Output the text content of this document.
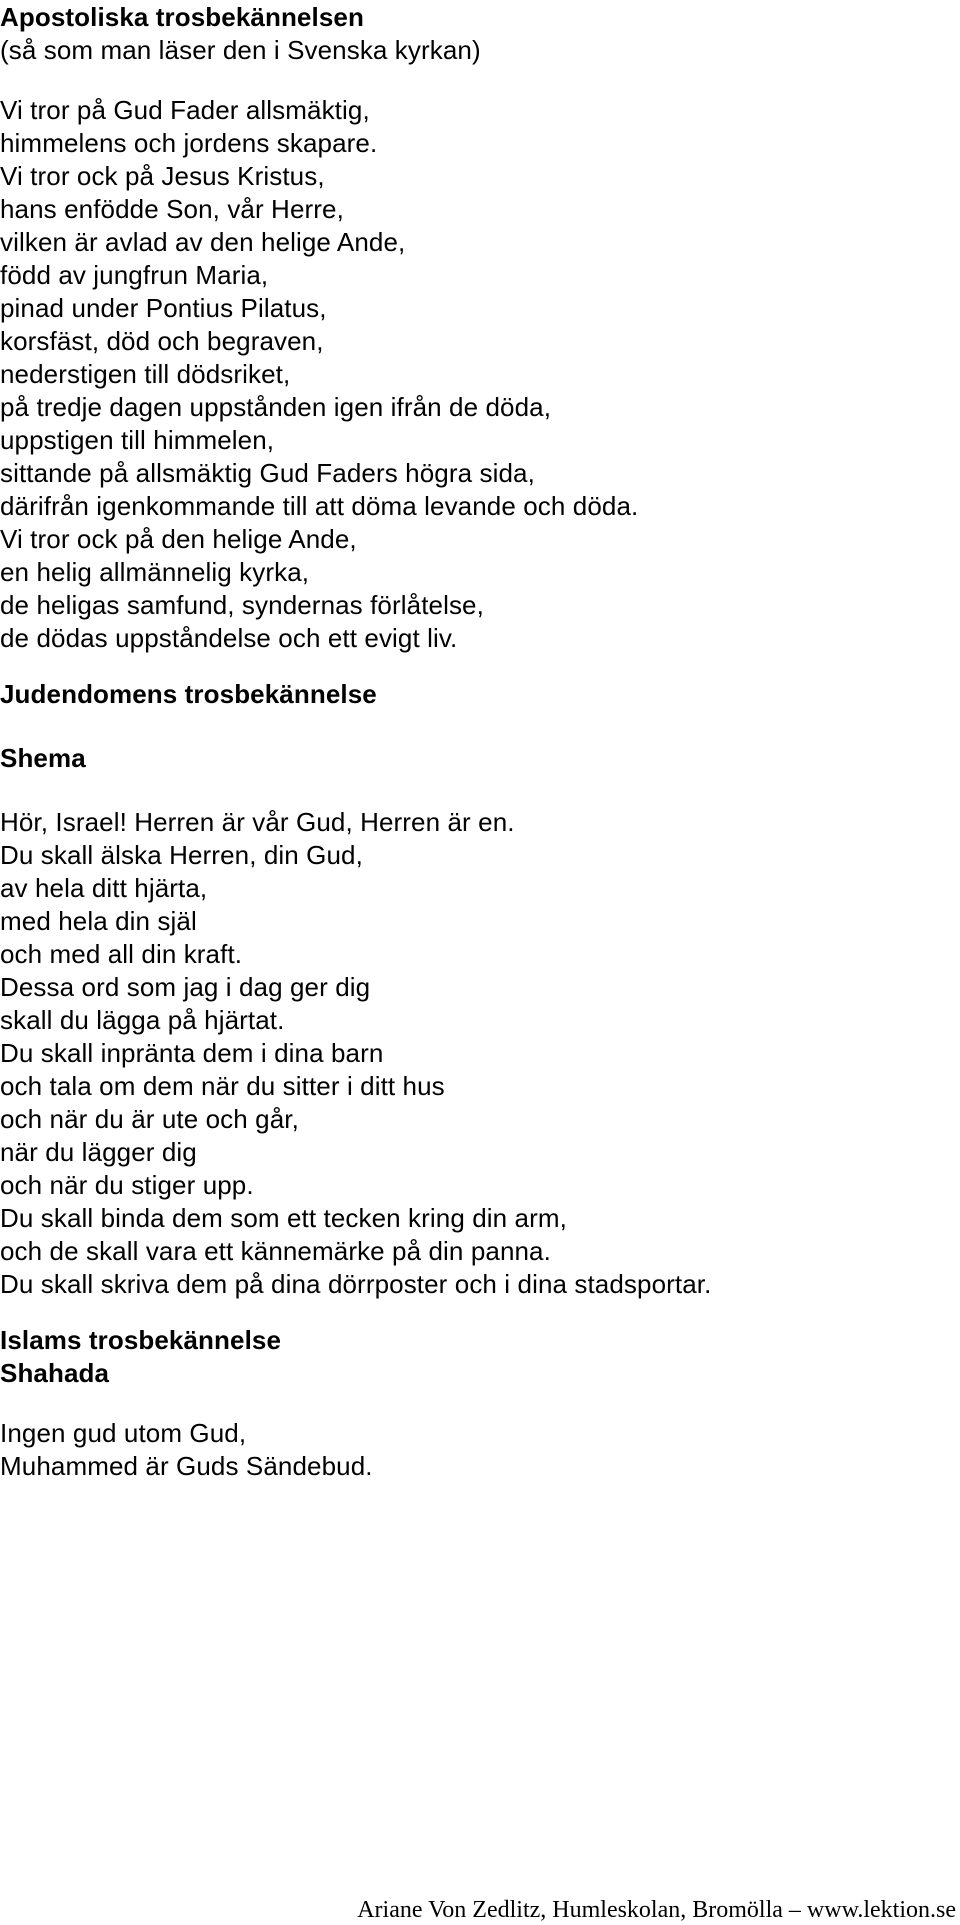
Apostoliska trosbekännelsen
(så som man läser den i Svenska kyrkan)
Vi tror på Gud Fader allsmäktig,
himmelens och jordens skapare.
Vi tror ock på Jesus Kristus,
hans enfödde Son, vår Herre,
vilken är avlad av den helige Ande,
född av jungfrun Maria,
pinad under Pontius Pilatus,
korsfäst, död och begraven,
nederstigen till dödsriket,
på tredje dagen uppstånden igen ifrån de döda,
uppstigen till himmelen,
sittande på allsmäktig Gud Faders högra sida,
därifrån igenkommande till att döma levande och döda.
Vi tror ock på den helige Ande,
en helig allmännelig kyrka,
de heligas samfund, syndernas förlåtelse,
de dödas uppståndelse och ett evigt liv.
Judendomens trosbekännelse
Shema
Hör, Israel! Herren är vår Gud, Herren är en.
Du skall älska Herren, din Gud,
av hela ditt hjärta,
med hela din själ
och med all din kraft.
Dessa ord som jag i dag ger dig
skall du lägga på hjärtat.
Du skall inpränta dem i dina barn
och tala om dem när du sitter i ditt hus
och när du är ute och går,
när du lägger dig
och när du stiger upp.
Du skall binda dem som ett tecken kring din arm,
och de skall vara ett kännemärke på din panna.
Du skall skriva dem på dina dörrposter och i dina stadsportar.
Islams trosbekännelse
Shahada
Ingen gud utom Gud,
Muhammed är Guds Sändebud.
Ariane Von Zedlitz, Humleskolan, Bromölla – www.lektion.se
